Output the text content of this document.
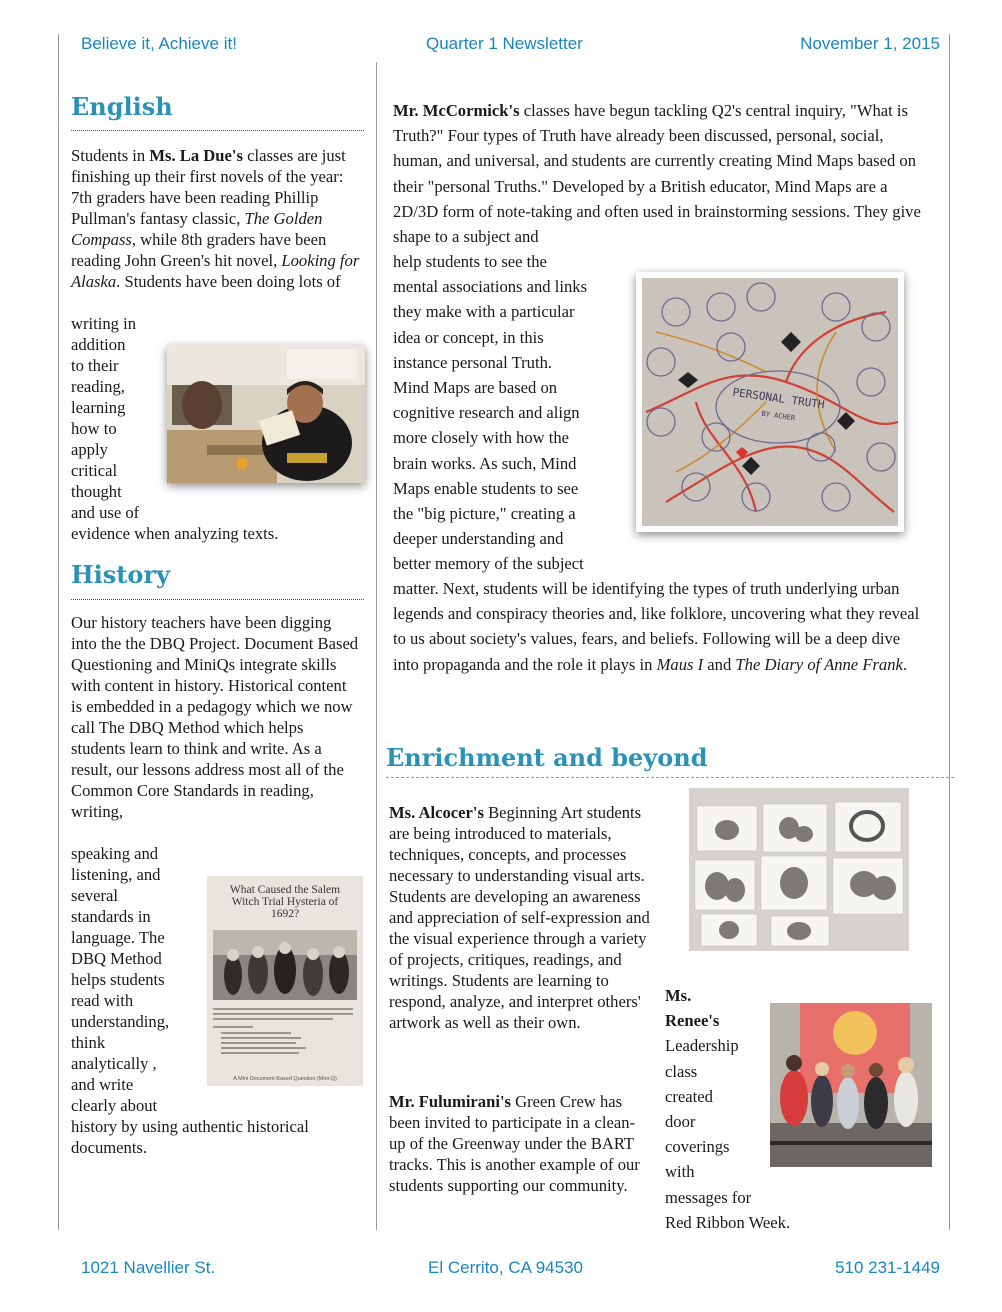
Believe it, Achieve it!	Quarter 1 Newsletter	November 1, 2015
English
Students in Ms. La Due's classes are just finishing up their first novels of the year: 7th graders have been reading Phillip Pullman's fantasy classic, The Golden Compass, while 8th graders have been reading John Green's hit novel, Looking for Alaska. Students have been doing lots of
writing in
addition
to their
reading,
learning
how to
apply
critical
thought
and use of
evidence when analyzing texts.
History
Our history teachers have been digging into the the DBQ Project. Document Based Questioning and MiniQs integrate skills with content in history. Historical content is embedded in a pedagogy which we now call The DBQ Method which helps students learn to think and write. As a result, our lessons address most all of the Common Core Standards in reading, writing,
speaking and
listening, and
several
standards in
language. The
DBQ Method
helps students
read with
understanding,
think
analytically ,
and write
clearly about
history by using authentic historical documents.
What Caused the Salem Witch Trial Hysteria of 1692?
A Mini Document Based Question (Mini-Q)
Mr. McCormick's classes have begun tackling Q2's central inquiry, "What is Truth?" Four types of Truth have already been discussed, personal, social, human, and universal, and students are currently creating Mind Maps based on their "personal Truths." Developed by a British educator, Mind Maps are a 2D/3D form of note-taking and often used in brainstorming sessions. They give shape to a subject and
help students to see the
mental associations and links
they make with a particular
idea or concept, in this
instance personal Truth.
Mind Maps are based on
cognitive research and align
more closely with how the
brain works. As such, Mind
Maps enable students to see
the "big picture," creating a
deeper understanding and
better memory of the subject
matter. Next, students will be identifying the types of truth underlying urban legends and conspiracy theories and, like folklore, uncovering what they reveal to us about society's values, fears, and beliefs. Following will be a deep dive into propaganda and the role it plays in Maus I and The Diary of Anne Frank.
PERSONAL TRUTH
BY ACHER
Enrichment and beyond
Ms. Alcocer's Beginning Art students are being introduced to materials, techniques, concepts, and processes necessary to understanding visual arts. Students are developing an awareness and appreciation of self-expression and the visual experience through a variety of projects, critiques, readings, and writings. Students are learning to respond, analyze, and interpret others' artwork as well as their own.
Mr. Fulumirani's Green Crew has been invited to participate in a clean-up of the Greenway under the BART tracks. This is another example of our students supporting our community.
Ms.
Renee's
Leadership
class
created
door
coverings
with
messages for
Red Ribbon Week.
1021 Navellier St.	El Cerrito, CA 94530	510 231-1449
